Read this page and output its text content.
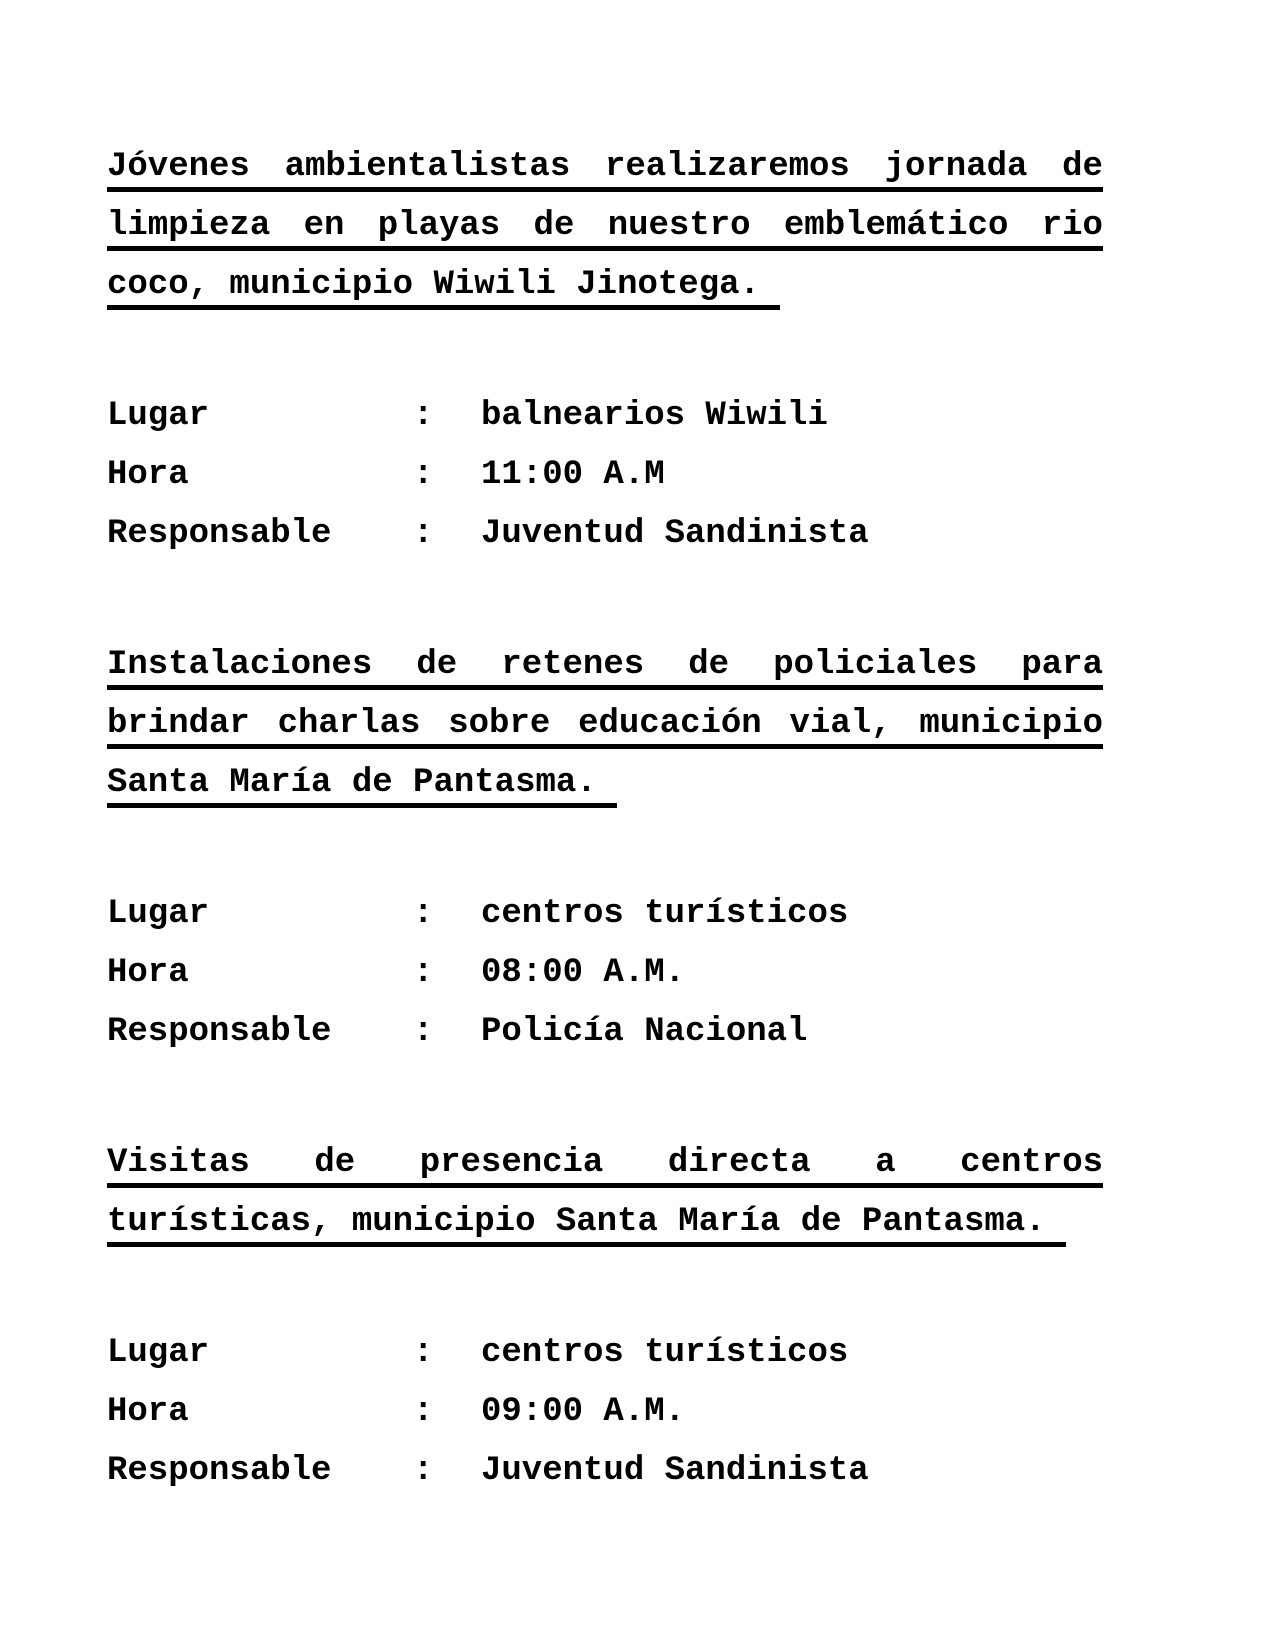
Jóvenes ambientalistas realizaremos jornada de
limpieza en playas de nuestro emblemático rio
coco, municipio Wiwili Jinotega.
Lugar	:	balnearios Wiwili
Hora	:	11:00 A.M
Responsable	:	Juventud Sandinista
Instalaciones de retenes de policiales para
brindar charlas sobre educación vial, municipio
Santa María de Pantasma.
Lugar	:	centros turísticos
Hora	:	08:00 A.M.
Responsable	:	Policía Nacional
Visitas de presencia directa a centros
turísticas, municipio Santa María de Pantasma.
Lugar	:	centros turísticos
Hora	:	09:00 A.M.
Responsable	:	Juventud Sandinista
